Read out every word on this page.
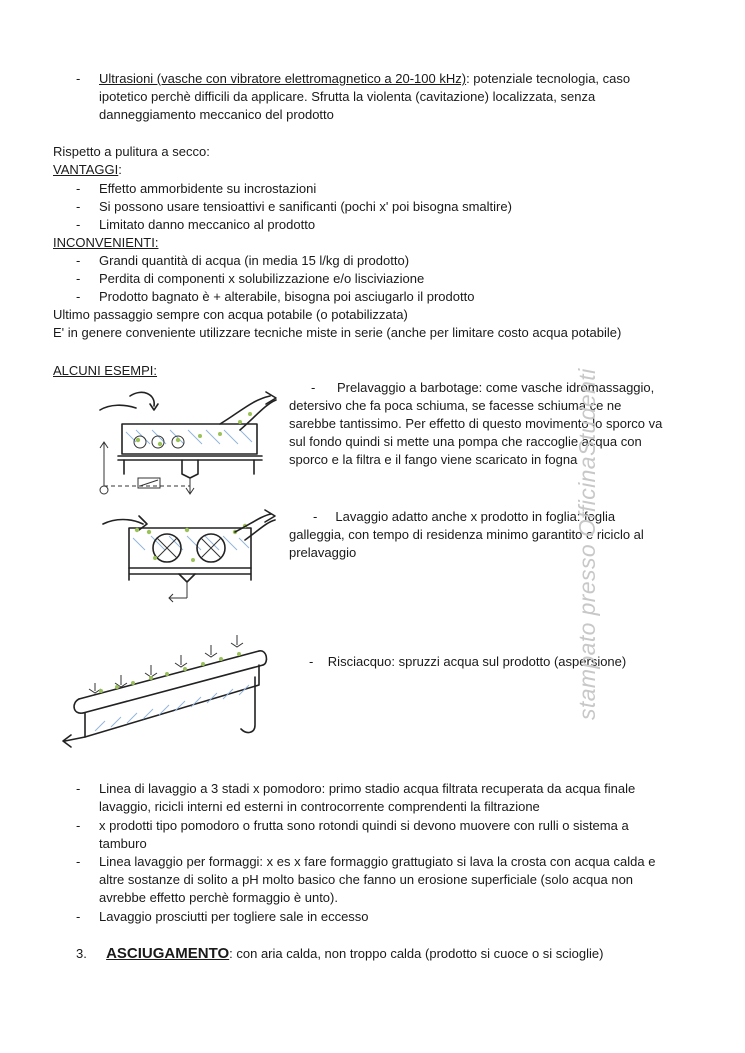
- Ultrasioni (vasche con vibratore elettromagnetico a 20-100 kHz): potenziale tecnologia, caso
ipotetico perchè difficili da applicare. Sfrutta la violenta (cavitazione) localizzata, senza
danneggiamento meccanico del prodotto
Rispetto a pulitura a secco:
VANTAGGI:
- Effetto ammorbidente su incrostazioni
- Si possono usare tensioattivi e sanificanti (pochi x' poi bisogna smaltire)
- Limitato danno meccanico al prodotto
INCONVENIENTI:
- Grandi quantità di acqua (in media 15 l/kg di prodotto)
- Perdita di componenti x solubilizzazione e/o lisciviazione
- Prodotto bagnato è + alterabile, bisogna poi asciugarlo il prodotto
Ultimo passaggio sempre con acqua potabile (o potabilizzata)
E' in genere conveniente utilizzare tecniche miste in serie (anche per limitare costo acqua potabile)
ALCUNI ESEMPI:
- Prelavaggio a barbotage: come vasche idromassaggio,
detersivo che fa poca schiuma, se facesse schiuma ce ne
sarebbe tantissimo. Per effetto di questo movimento lo sporco va
sul fondo quindi si mette una pompa che raccoglie acqua con
sporco e la filtra e il fango viene scaricato in fogna
- Lavaggio adatto anche x prodotto in foglia: foglia
galleggia, con tempo di residenza minimo garantito e riciclo al
prelavaggio
- Risciacquo: spruzzi acqua sul prodotto (aspersione)
- Linea di lavaggio a 3 stadi x pomodoro: primo stadio acqua filtrata recuperata da acqua finale
lavaggio, ricicli interni ed esterni in controcorrente comprendenti la filtrazione
- x prodotti tipo pomodoro o frutta sono rotondi quindi si devono muovere con rulli o sistema a
tamburo
- Linea lavaggio per formaggi: x es x fare formaggio grattugiato si lava la crosta con acqua calda e
altre sostanze di solito a pH molto basico che fanno un erosione superficiale (solo acqua non
avrebbe effetto perchè formaggio è unto).
- Lavaggio prosciutti per togliere sale in eccesso
3. ASCIUGAMENTO: con aria calda, non troppo calda (prodotto si cuoce o si scioglie)
stampato presso OfficinaStudenti
